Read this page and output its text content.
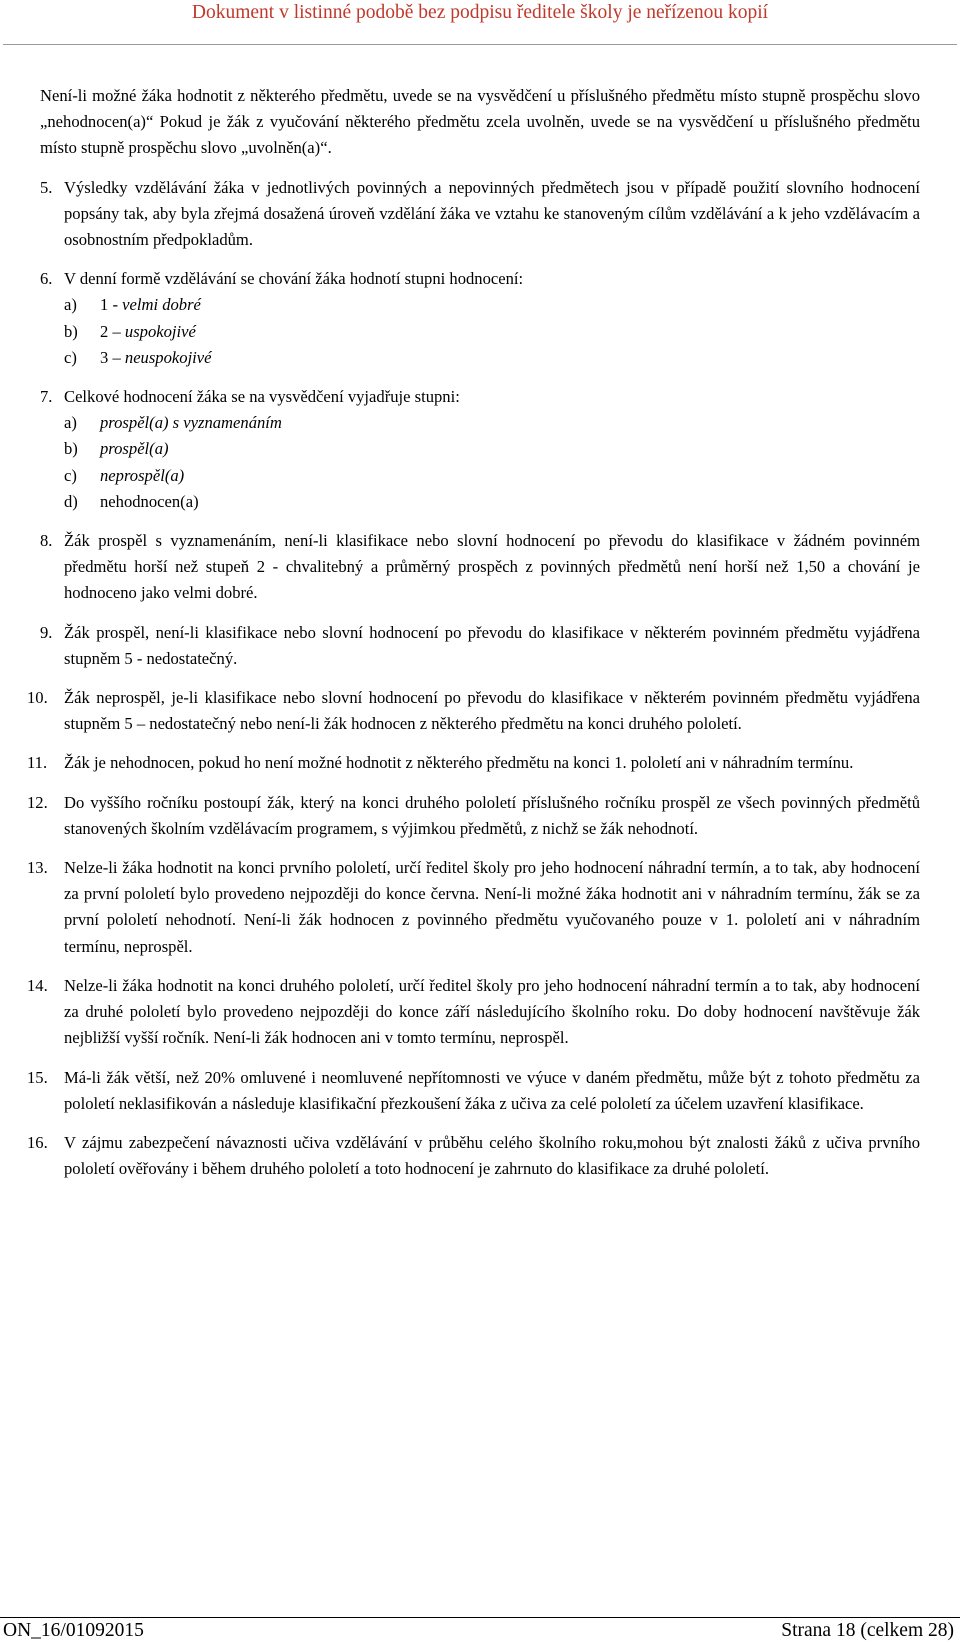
Dokument v listinné podobě bez podpisu ředitele školy je neřízenou kopií

Není-li možné žáka hodnotit z některého předmětu, uvede se na vysvědčení u příslušného předmětu místo stupně prospěchu slovo „nehodnocen(a)“ Pokud je žák z vyučování některého předmětu zcela uvolněn, uvede se na vysvědčení u příslušného předmětu místo stupně prospěchu slovo „uvolněn(a)“.

5. Výsledky vzdělávání žáka v jednotlivých povinných a nepovinných předmětech jsou v případě použití slovního hodnocení popsány tak, aby byla zřejmá dosažená úroveň vzdělání žáka ve vztahu ke stanoveným cílům vzdělávání a k jeho vzdělávacím a osobnostním předpokladům.
6. V denní formě vzdělávání se chování žáka hodnotí stupni hodnocení:
a) 1 - velmi dobré
b) 2 – uspokojivé
c) 3 – neuspokojivé
7. Celkové hodnocení žáka se na vysvědčení vyjadřuje stupni:
a) prospěl(a) s vyznamenáním
b) prospěl(a)
c) neprospěl(a)
d) nehodnocen(a)
8. Žák prospěl s vyznamenáním, není-li klasifikace nebo slovní hodnocení po převodu do klasifikace v žádném povinném předmětu horší než stupeň 2 - chvalitebný a průměrný prospěch z povinných předmětů není horší než 1,50 a chování je hodnoceno jako velmi dobré.
9. Žák prospěl, není-li klasifikace nebo slovní hodnocení po převodu do klasifikace v některém povinném předmětu vyjádřena stupněm 5 - nedostatečný.
10. Žák neprospěl, je-li klasifikace nebo slovní hodnocení po převodu do klasifikace v některém povinném předmětu vyjádřena stupněm 5 – nedostatečný nebo není-li žák hodnocen z některého předmětu na konci druhého pololetí.
11. Žák je nehodnocen, pokud ho není možné hodnotit z některého předmětu na konci 1. pololetí ani v náhradním termínu.
12. Do vyššího ročníku postoupí žák, který na konci druhého pololetí příslušného ročníku prospěl ze všech povinných předmětů stanovených školním vzdělávacím programem, s výjimkou předmětů, z nichž se žák nehodnotí.
13. Nelze-li žáka hodnotit na konci prvního pololetí, určí ředitel školy pro jeho hodnocení náhradní termín, a to tak, aby hodnocení za první pololetí bylo provedeno nejpozději do konce června. Není-li možné žáka hodnotit ani v náhradním termínu, žák se za první pololetí nehodnotí. Není-li žák hodnocen z povinného předmětu vyučovaného pouze v 1. pololetí ani v náhradním termínu, neprospěl.
14. Nelze-li žáka hodnotit na konci druhého pololetí, určí ředitel školy pro jeho hodnocení náhradní termín a to tak, aby hodnocení za druhé pololetí bylo provedeno nejpozději do konce září následujícího školního roku. Do doby hodnocení navštěvuje žák nejbližší vyšší ročník. Není-li žák hodnocen ani v tomto termínu, neprospěl.
15. Má-li žák větší, než 20% omluvené i neomluvené nepřítomnosti ve výuce v daném předmětu, může být z tohoto předmětu za pololetí neklasifikován a následuje klasifikační přezkoušení žáka z učiva za celé pololetí za účelem uzavření klasifikace.
16. V zájmu zabezpečení návaznosti učiva vzdělávání v průběhu celého školního roku,mohou být znalosti žáků z učiva prvního pololetí ověřovány i během druhého pololetí a toto hodnocení je zahrnuto do klasifikace za druhé pololetí.
ON_16/01092015	Strana 18 (celkem 28)
